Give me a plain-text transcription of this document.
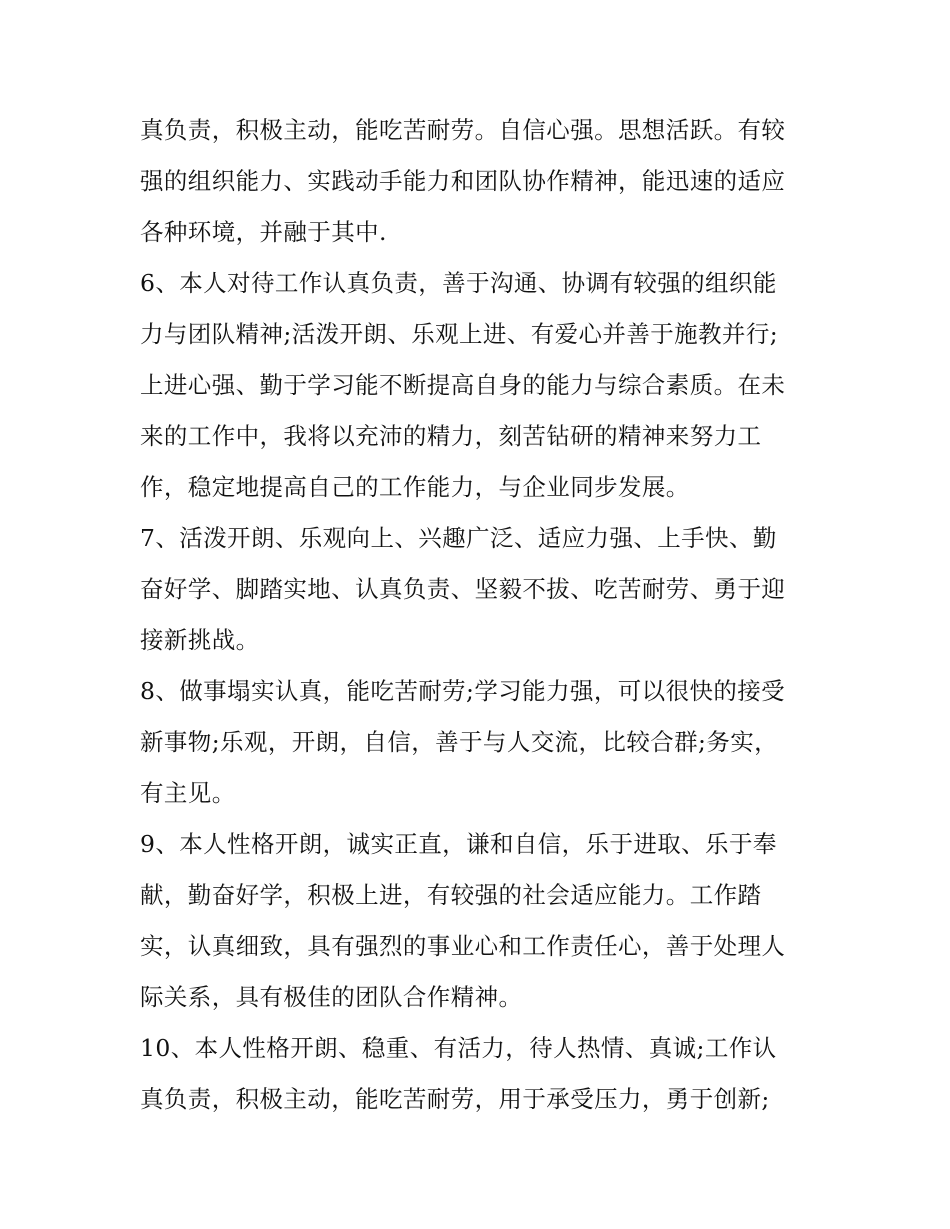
真负责，积极主动，能吃苦耐劳。自信心强。思想活跃。有较
强的组织能力、实践动手能力和团队协作精神，能迅速的适应
各种环境，并融于其中.
6、本人对待工作认真负责，善于沟通、协调有较强的组织能
力与团队精神;活泼开朗、乐观上进、有爱心并善于施教并行;
上进心强、勤于学习能不断提高自身的能力与综合素质。在未
来的工作中，我将以充沛的精力，刻苦钻研的精神来努力工
作，稳定地提高自己的工作能力，与企业同步发展。
7、活泼开朗、乐观向上、兴趣广泛、适应力强、上手快、勤
奋好学、脚踏实地、认真负责、坚毅不拔、吃苦耐劳、勇于迎
接新挑战。
8、做事塌实认真，能吃苦耐劳;学习能力强，可以很快的接受
新事物;乐观，开朗，自信，善于与人交流，比较合群;务实，
有主见。
9、本人性格开朗，诚实正直，谦和自信，乐于进取、乐于奉
献，勤奋好学，积极上进，有较强的社会适应能力。工作踏
实，认真细致，具有强烈的事业心和工作责任心，善于处理人
际关系，具有极佳的团队合作精神。
10、本人性格开朗、稳重、有活力，待人热情、真诚;工作认
真负责，积极主动，能吃苦耐劳，用于承受压力，勇于创新;
